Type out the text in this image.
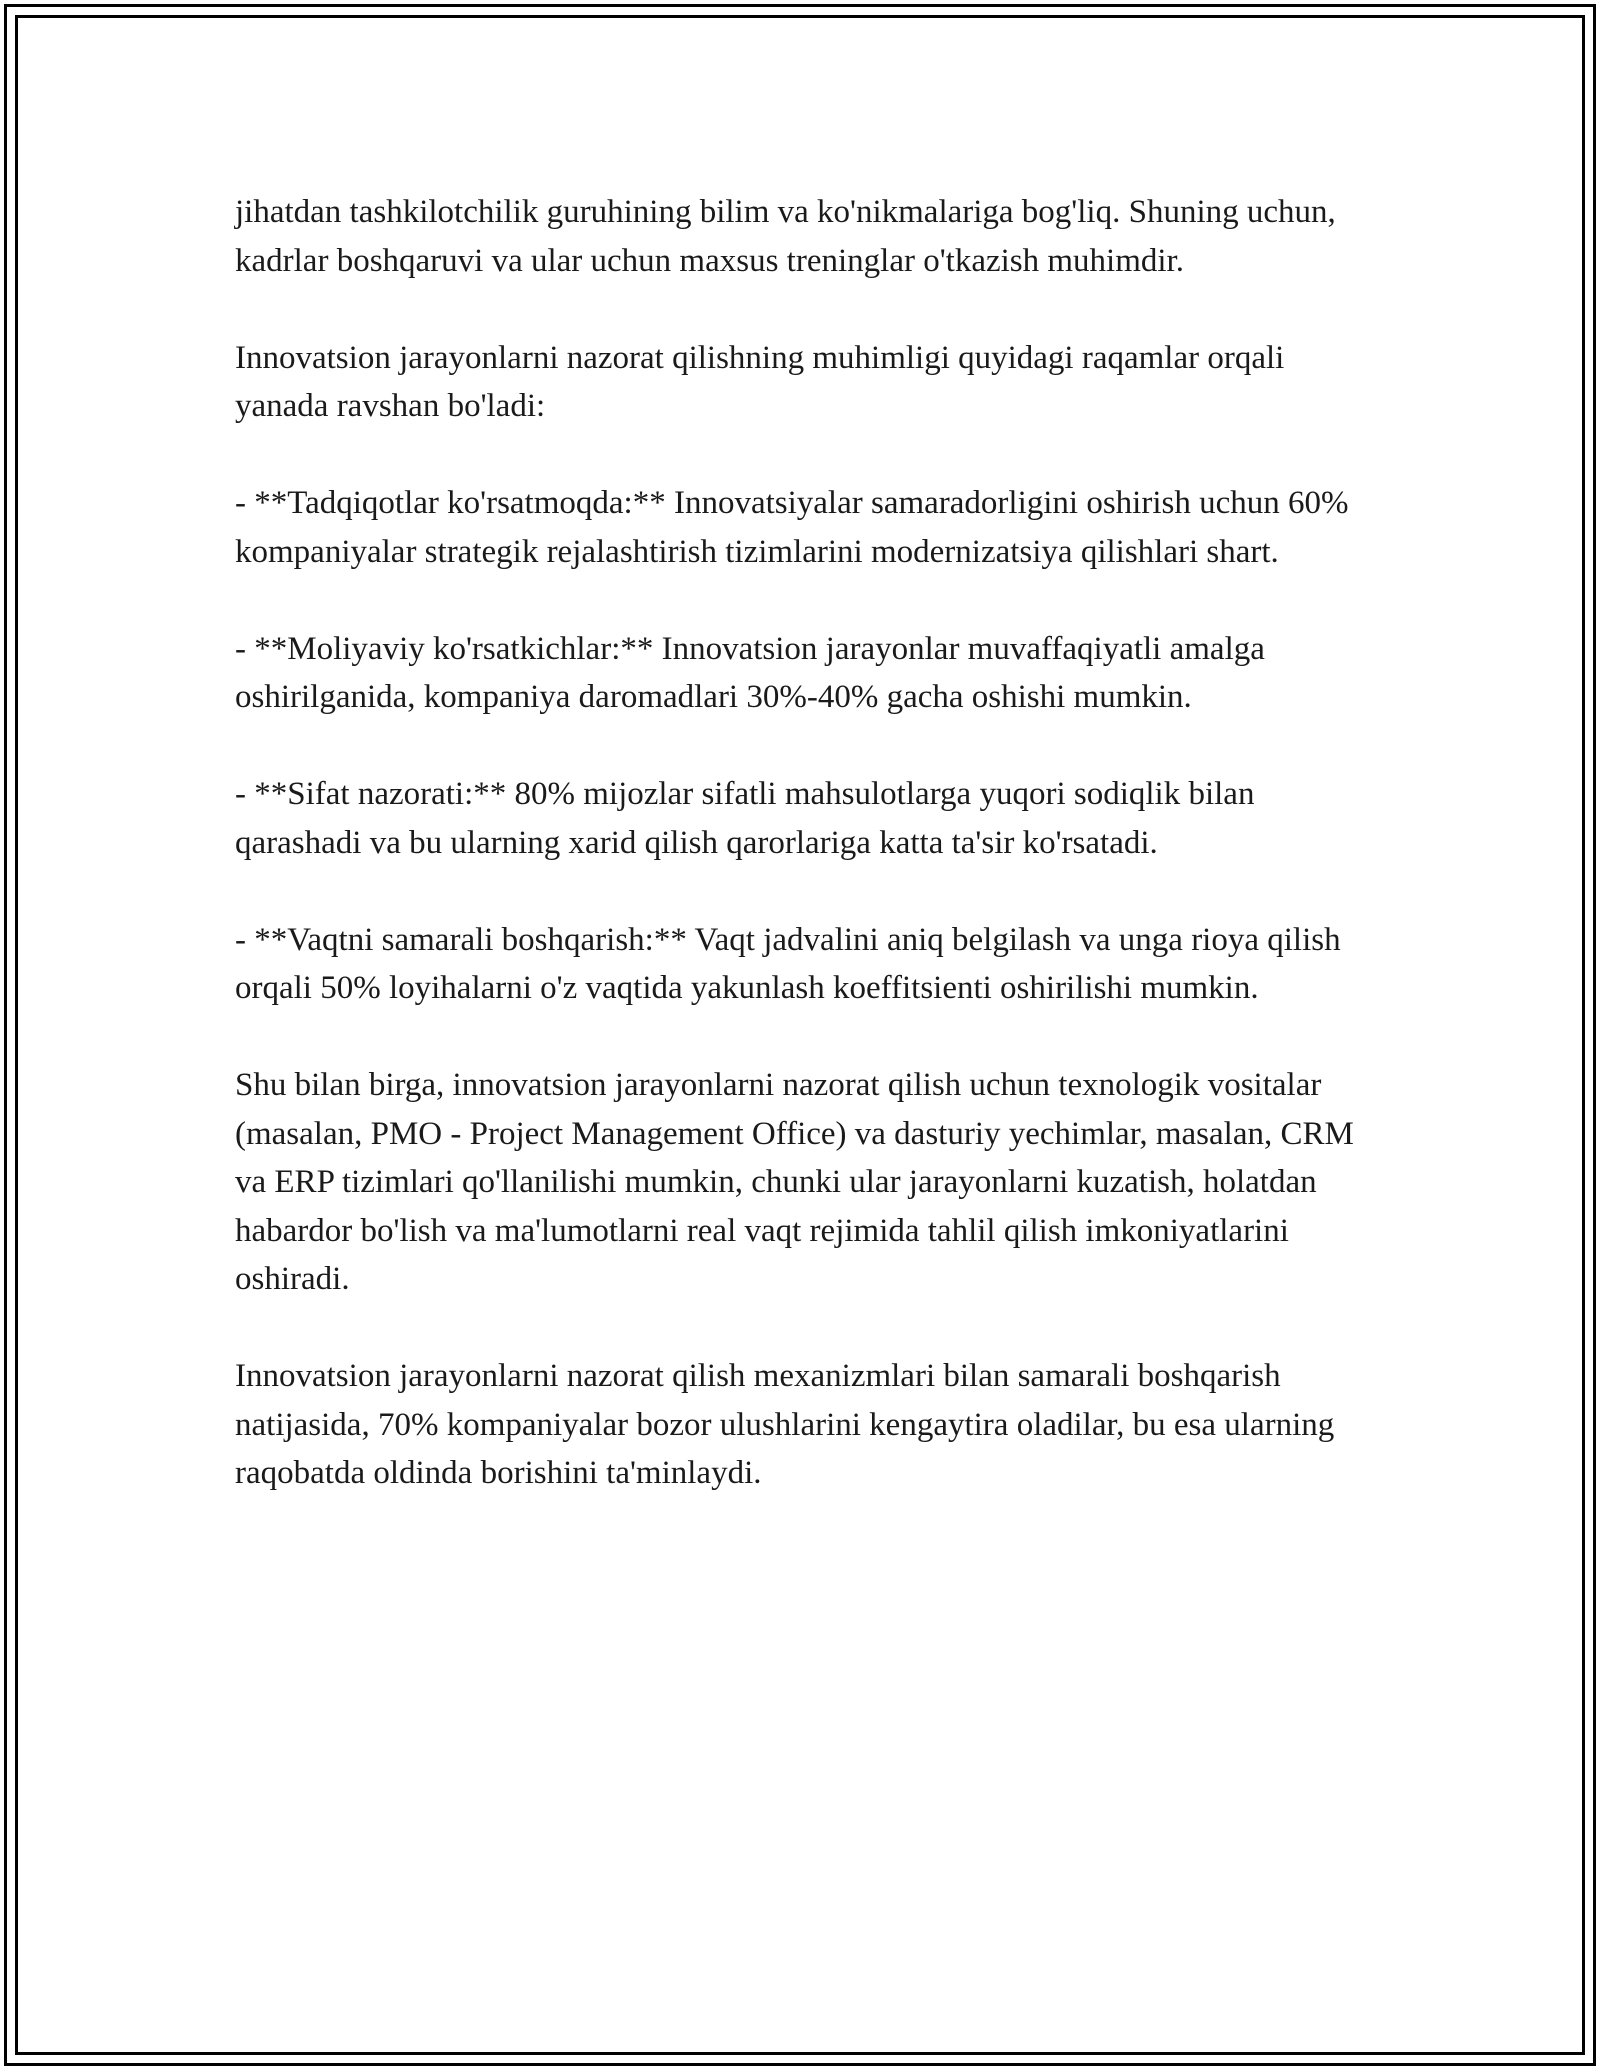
jihatdan tashkilotchilik guruhining bilim va ko'nikmalariga bog'liq. Shuning uchun, kadrlar boshqaruvi va ular uchun maxsus treninglar o'tkazish muhimdir.

Innovatsion jarayonlarni nazorat qilishning muhimligi quyidagi raqamlar orqali yanada ravshan bo'ladi:

- **Tadqiqotlar ko'rsatmoqda:** Innovatsiyalar samaradorligini oshirish uchun 60% kompaniyalar strategik rejalashtirish tizimlarini modernizatsiya qilishlari shart.

- **Moliyaviy ko'rsatkichlar:** Innovatsion jarayonlar muvaffaqiyatli amalga oshirilganida, kompaniya daromadlari 30%-40% gacha oshishi mumkin.

- **Sifat nazorati:** 80% mijozlar sifatli mahsulotlarga yuqori sodiqlik bilan qarashadi va bu ularning xarid qilish qarorlariga katta ta'sir ko'rsatadi.

- **Vaqtni samarali boshqarish:** Vaqt jadvalini aniq belgilash va unga rioya qilish orqali 50% loyihalarni o'z vaqtida yakunlash koeffitsienti oshirilishi mumkin.

Shu bilan birga, innovatsion jarayonlarni nazorat qilish uchun texnologik vositalar (masalan, PMO - Project Management Office) va dasturiy yechimlar, masalan, CRM va ERP tizimlari qo'llanilishi mumkin, chunki ular jarayonlarni kuzatish, holatdan habardor bo'lish va ma'lumotlarni real vaqt rejimida tahlil qilish imkoniyatlarini oshiradi.

Innovatsion jarayonlarni nazorat qilish mexanizmlari bilan samarali boshqarish natijasida, 70% kompaniyalar bozor ulushlarini kengaytira oladilar, bu esa ularning raqobatda oldinda borishini ta'minlaydi.
